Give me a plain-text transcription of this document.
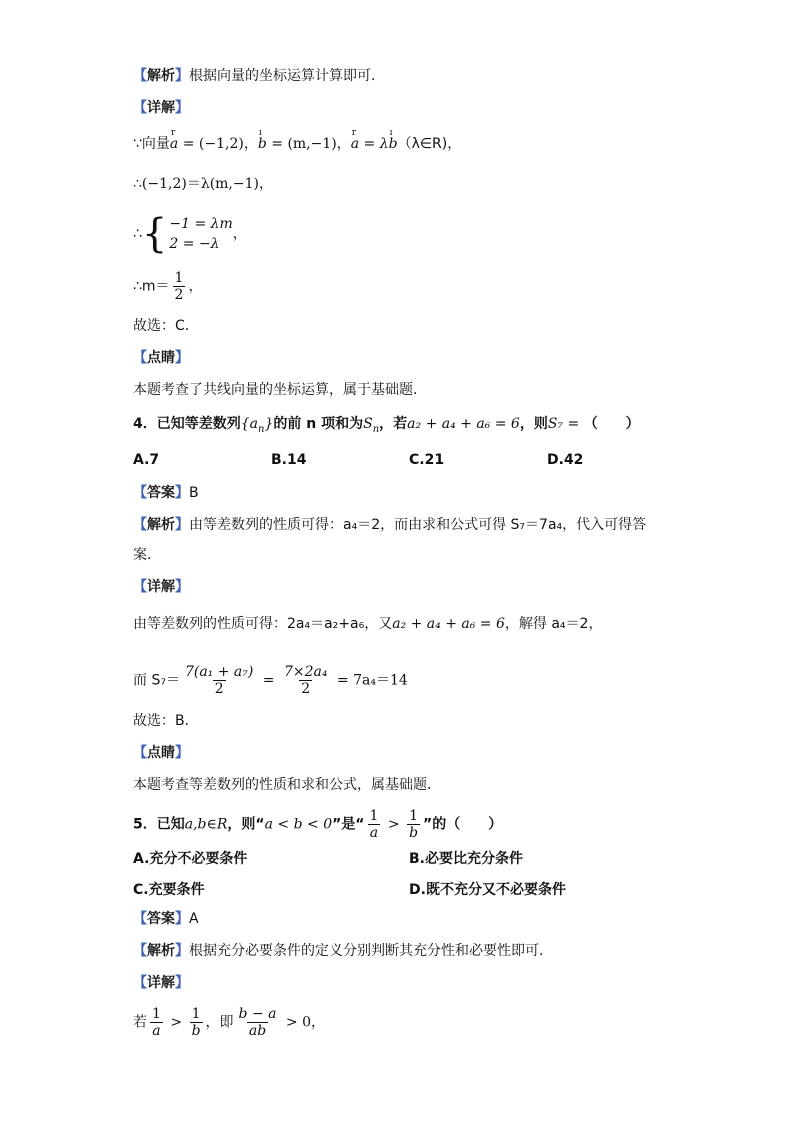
【解析】根据向量的坐标运算计算即可．
【详解】
∵向量
r
a = (−1,2)，
ı
b = (m,−1)，
r
a = λ
ı
b（λ∈R)，
∴(−1,2)＝λ(m,−1)，
∴ { −1 = λm
2 = −λ
，
∴m＝ $\frac{1}{2}$ ，
故选：C．
【点睛】
本题考查了共线向量的坐标运算，属于基础题．
4．已知等差数列$\{a_n\}$的前 n 项和为$S_n$，若a₂ + a₄ + a₆ = 6，则S₇ = （　　）
A.7	B.14	C.21	D.42
【答案】B
【解析】由等差数列的性质可得：a₄＝2，而由求和公式可得 S₇＝7a₄，代入可得答
案．
【详解】
由等差数列的性质可得：2a₄＝a₂+a₆，又a₂ + a₄ + a₆ = 6，解得 a₄＝2，
而 $S_7= \frac{\text{7(a₁ + a₇)}}{2} = \frac{\text{7×2a₄}}{2} = 7a_4=14$
故选：B．
【点睛】
本题考查等差数列的性质和求和公式，属基础题．
5．已知a,b∈R，则“a < b < 0”是“ $\frac{1}{a} > \frac{1}{b}$ ”的（　　）
A.充分不必要条件	B.必要比充分条件
C.充要条件	D.既不充分又不必要条件
【答案】A
【解析】根据充分必要条件的定义分别判断其充分性和必要性即可．
【详解】
若 $\frac{1}{a} > \frac{1}{b}$ ，即 $\frac{b - a}{ab} > 0$，
